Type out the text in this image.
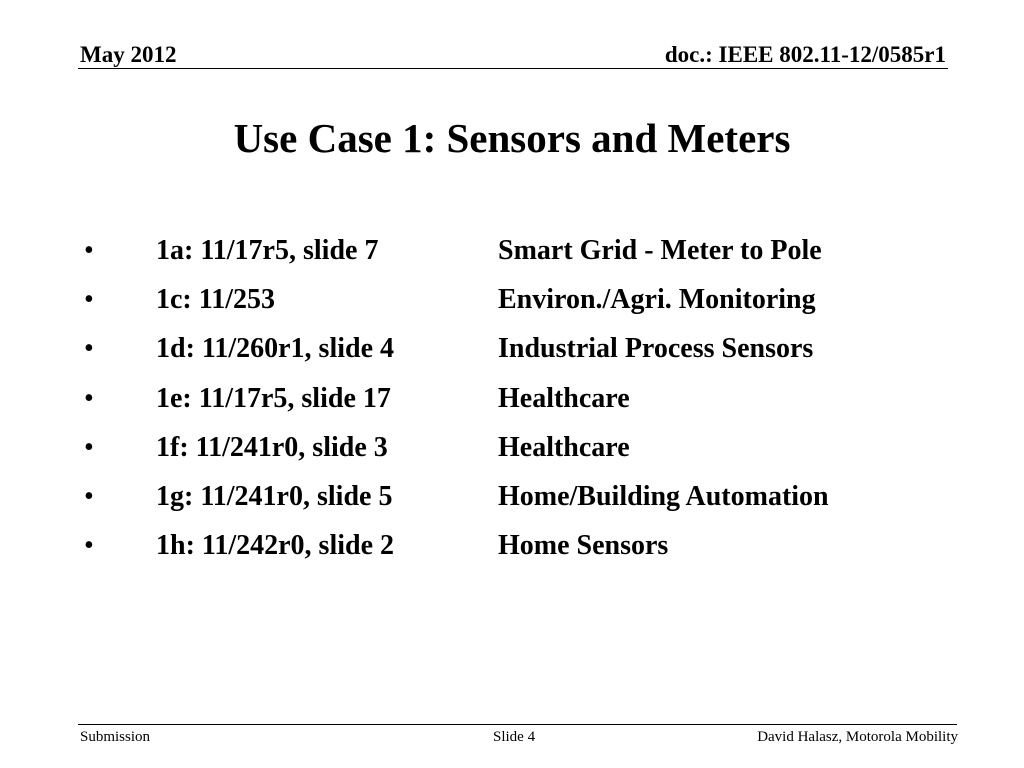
May 2012	doc.: IEEE 802.11-12/0585r1
Use Case 1: Sensors and Meters
• 1a: 11/17r5, slide 7	Smart Grid - Meter to Pole
• 1c: 11/253	Environ./Agri. Monitoring
• 1d: 11/260r1, slide 4	Industrial Process Sensors
• 1e: 11/17r5, slide 17	Healthcare
• 1f: 11/241r0, slide 3	Healthcare
• 1g: 11/241r0, slide 5	Home/Building Automation
• 1h: 11/242r0, slide 2	Home Sensors
Submission	Slide 4	David Halasz, Motorola Mobility
